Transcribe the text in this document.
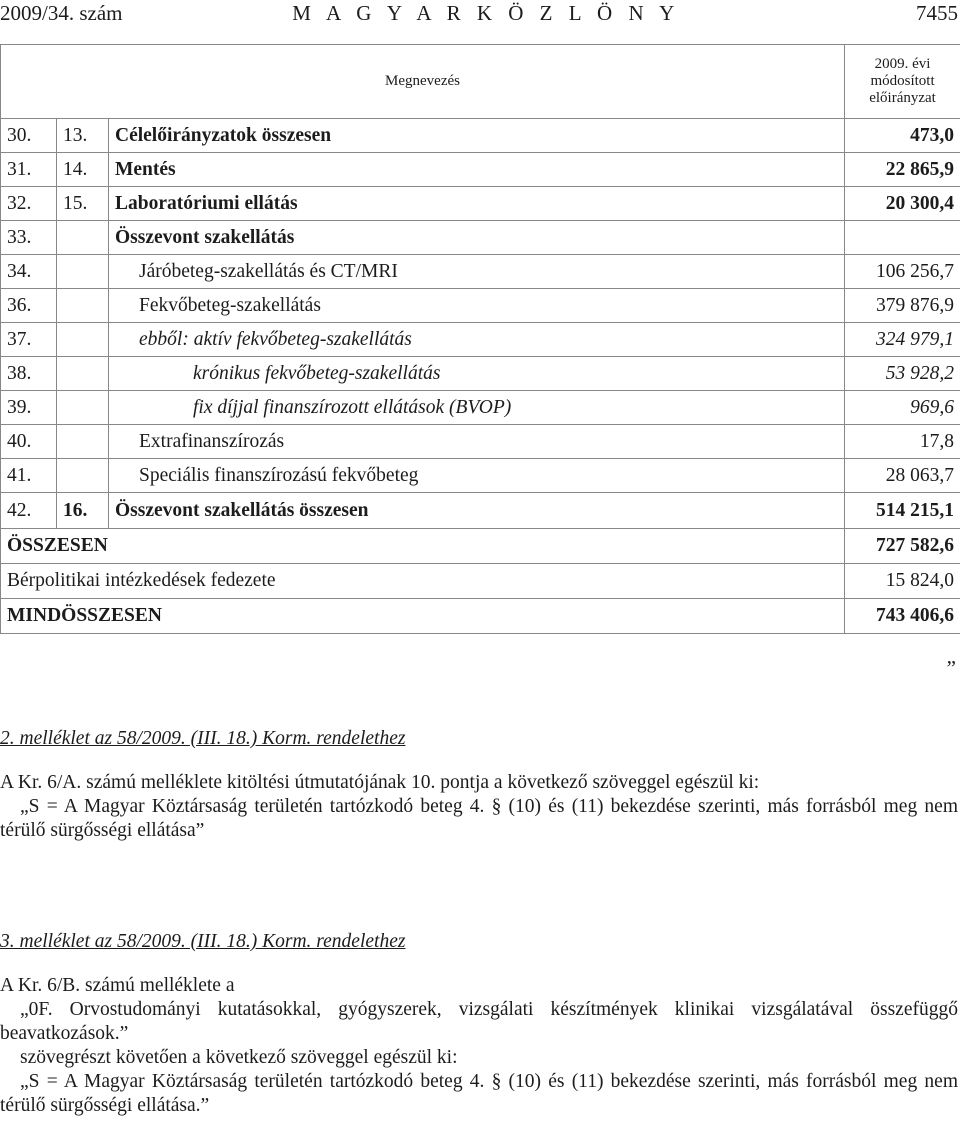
2009/34. szám	M A G Y A R K Ö Z L Ö N Y	7455
Megnevezés			2009. évi
módosított
előirányzat
30.	13.	Célelőirányzatok összesen	473,0
31.	14.	Mentés	22 865,9
32.	15.	Laboratóriumi ellátás	20 300,4
33.		Összevont szakellátás	
34.		Járóbeteg-szakellátás és CT/MRI	106 256,7
36.		Fekvőbeteg-szakellátás	379 876,9
37.		ebből: aktív fekvőbeteg-szakellátás	324 979,1
38.		krónikus fekvőbeteg-szakellátás	53 928,2
39.		fix díjjal finanszírozott ellátások (BVOP)	969,6
40.		Extrafinanszírozás	17,8
41.		Speciális finanszírozású fekvőbeteg	28 063,7
42.	16.	Összevont szakellátás összesen	514 215,1
ÖSSZESEN			727 582,6
Bérpolitikai intézkedések fedezete			15 824,0
MINDÖSSZESEN			743 406,6
”
2. melléklet az 58/2009. (III. 18.) Korm. rendelethez
A Kr. 6/A. számú melléklete kitöltési útmutatójának 10. pontja a következő szöveggel egészül ki:
„S = A Magyar Köztársaság területén tartózkodó beteg 4. § (10) és (11) bekezdése szerinti, más forrásból meg nem térülő sürgősségi ellátása”
3. melléklet az 58/2009. (III. 18.) Korm. rendelethez
A Kr. 6/B. számú melléklete a
„0F. Orvostudományi kutatásokkal, gyógyszerek, vizsgálati készítmények klinikai vizsgálatával összefüggő beavatkozások.”
szövegrészt követően a következő szöveggel egészül ki:
„S = A Magyar Köztársaság területén tartózkodó beteg 4. § (10) és (11) bekezdése szerinti, más forrásból meg nem térülő sürgősségi ellátása.”
